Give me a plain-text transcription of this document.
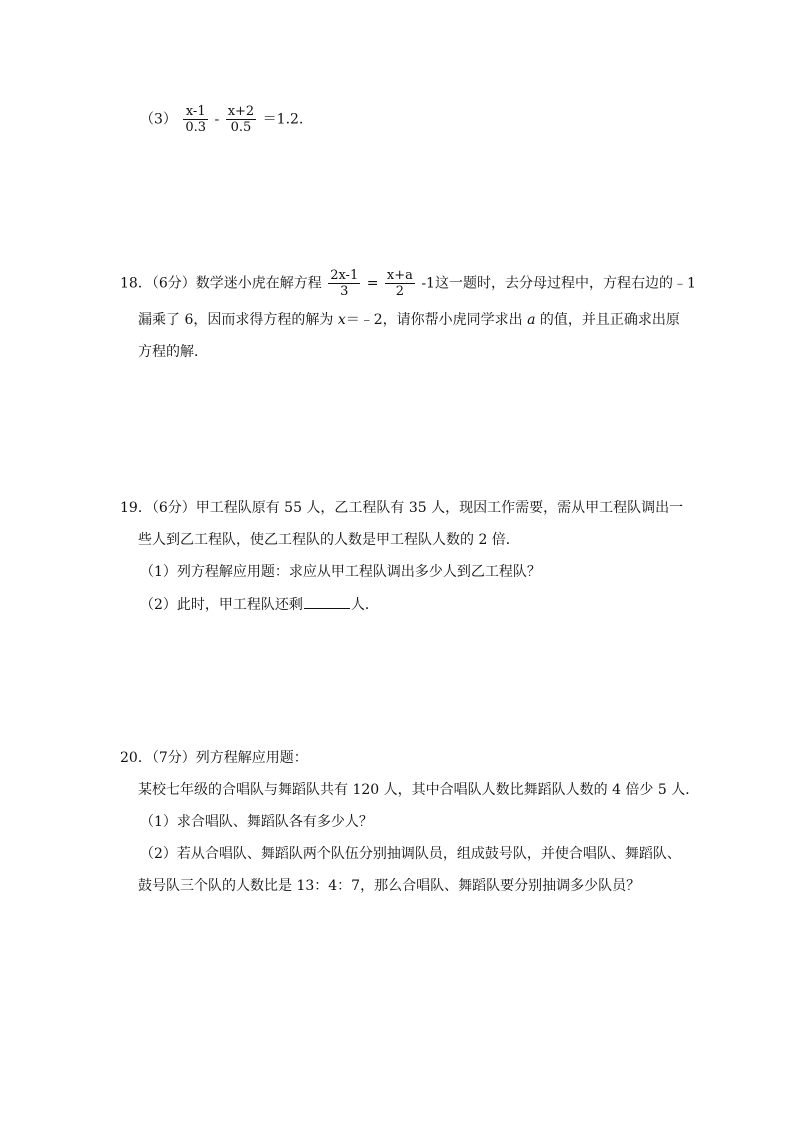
$(3) \frac{x-1}{0.3} - \frac{x+2}{0.5} =1.2$.
18．（6分）数学迷小虎在解方程 $\frac{2x-1}{3} = \frac{x+a}{2} -1$这一题时，去分母过程中，方程右边的﹣1
漏乘了 6，因而求得方程的解为 x＝﹣2，请你帮小虎同学求出 a 的值，并且正确求出原
方程的解．
19．（6分）甲工程队原有 55 人，乙工程队有 35 人，现因工作需要，需从甲工程队调出一
些人到乙工程队，使乙工程队的人数是甲工程队人数的 2 倍．
（1）列方程解应用题：求应从甲工程队调出多少人到乙工程队？
（2）此时，甲工程队还剩	人．
20．（7分）列方程解应用题：
某校七年级的合唱队与舞蹈队共有 120 人，其中合唱队人数比舞蹈队人数的 4 倍少 5 人．
（1）求合唱队、舞蹈队各有多少人？
（2）若从合唱队、舞蹈队两个队伍分别抽调队员，组成鼓号队，并使合唱队、舞蹈队、
鼓号队三个队的人数比是 13：4：7，那么合唱队、舞蹈队要分别抽调多少队员？
